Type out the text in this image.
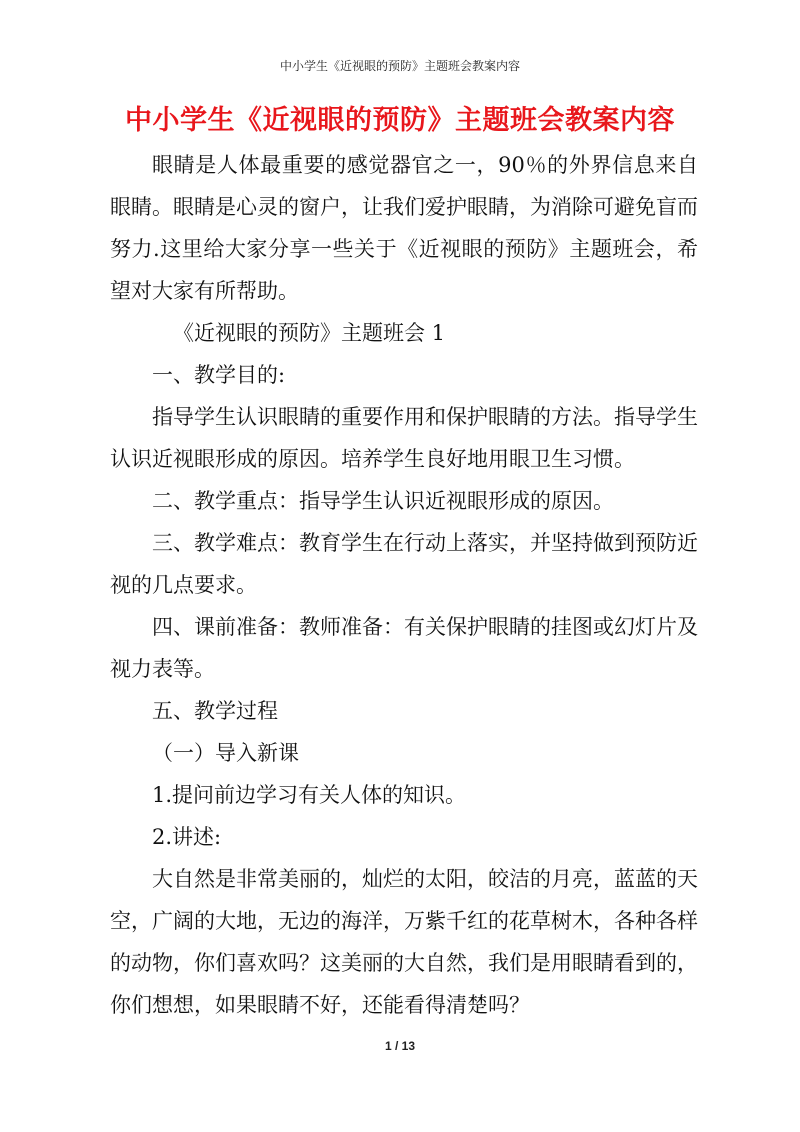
中小学生《近视眼的预防》主题班会教案内容
中小学生《近视眼的预防》主题班会教案内容

眼睛是人体最重要的感觉器官之一，90％的外界信息来自眼睛。眼睛是心灵的窗户，让我们爱护眼睛，为消除可避免盲而努力.这里给大家分享一些关于《近视眼的预防》主题班会，希望对大家有所帮助。

《近视眼的预防》主题班会 1

一、教学目的:

指导学生认识眼睛的重要作用和保护眼睛的方法。指导学生认识近视眼形成的原因。培养学生良好地用眼卫生习惯。

二、教学重点：指导学生认识近视眼形成的原因。

三、教学难点：教育学生在行动上落实，并坚持做到预防近视的几点要求。

四、课前准备：教师准备：有关保护眼睛的挂图或幻灯片及视力表等。

五、教学过程

（一）导入新课

1.提问前边学习有关人体的知识。

2.讲述:

大自然是非常美丽的，灿烂的太阳，皎洁的月亮，蓝蓝的天空，广阔的大地，无边的海洋，万紫千红的花草树木，各种各样的动物，你们喜欢吗？这美丽的大自然，我们是用眼睛看到的，你们想想，如果眼睛不好，还能看得清楚吗？

1 / 13
